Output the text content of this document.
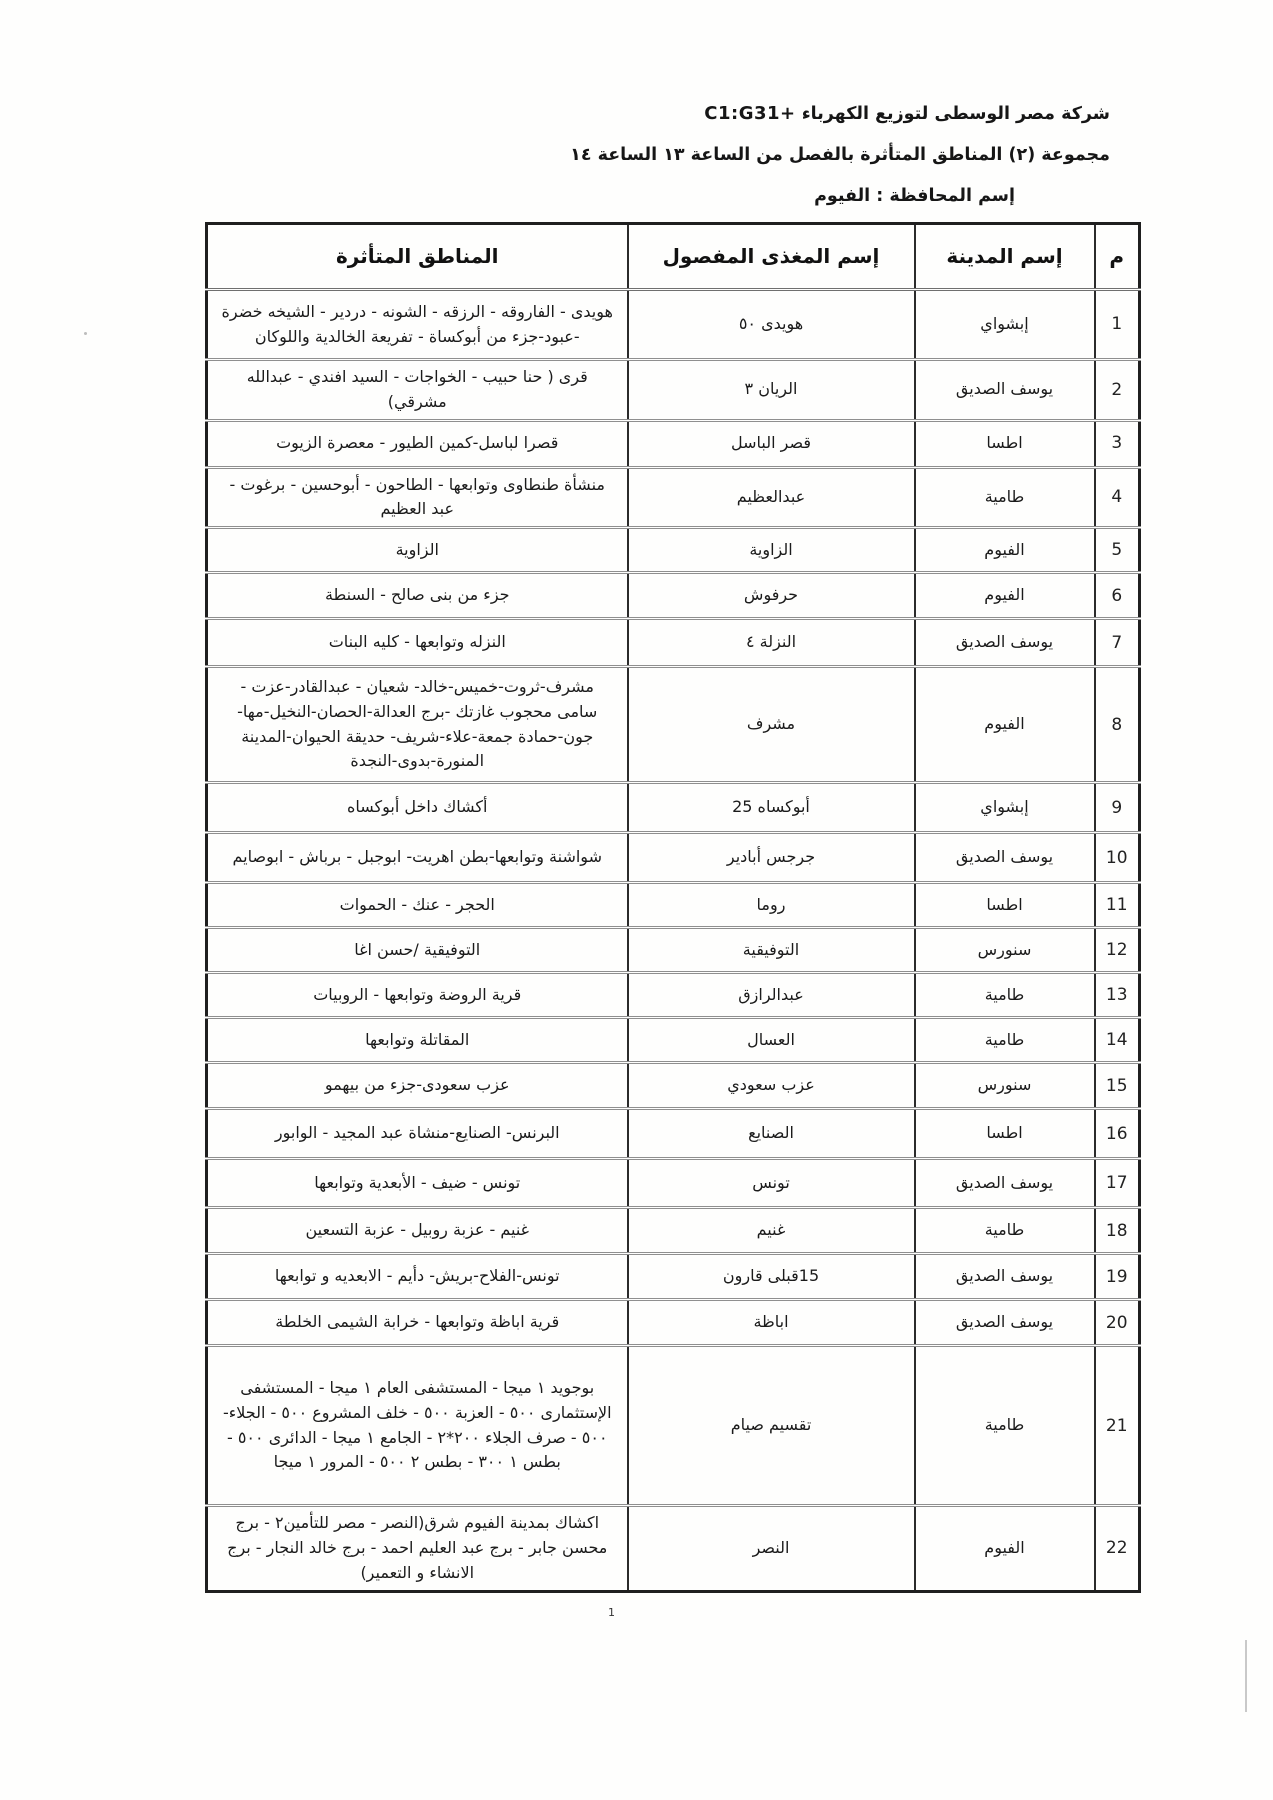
شركة مصر الوسطى لتوزيع الكهرباء C1:G31+
مجموعة (٢) المناطق المتأثرة بالفصل من الساعة ١٣ الساعة ١٤
إسم المحافظة : الفيوم
م	إسم المدينة	إسم المغذى المفصول	المناطق المتأثرة
1	إبشواي	هويدى ٥٠	هويدى - الفاروقه - الرزقه - الشونه - دردير - الشيخه خضرة -عبود-جزء من أبوكساة - تفريعة الخالدية واللوكان
2	يوسف الصديق	الريان ٣	قرى ( حنا حبيب - الخواجات - السيد افندي - عبدالله مشرقي)
3	اطسا	قصر الباسل	قصرا لباسل-كمين الطيور - معصرة الزيوت
4	طامية	عبدالعظيم	منشأة طنطاوى وتوابعها - الطاحون - أبوحسين - برغوت - عبد العظيم
5	الفيوم	الزاوية	الزاوية
6	الفيوم	حرفوش	جزء من بنى صالح - السنطة
7	يوسف الصديق	النزلة ٤	النزله وتوابعها - كليه البنات
8	الفيوم	مشرف	مشرف-ثروت-خميس-خالد- شعيان - عبدالقادر-عزت - سامى محجوب غازتك -برج العدالة-الحصان-النخيل-مها-جون-حمادة جمعة-علاء-شريف- حديقة الحيوان-المدينة المنورة-بدوى-النجدة
9	إبشواي	أبوكساه 25	أكشاك داخل أبوكساه
10	يوسف الصديق	جرجس أبادير	شواشنة وتوابعها-بطن اهريت- ابوجبل - برباش - ابوصايم
11	اطسا	روما	الحجر - عنك - الحموات
12	سنورس	التوفيقية	التوفيقية /حسن اغا
13	طامية	عبدالرازق	قرية الروضة وتوابعها - الروبيات
14	طامية	العسال	المقاتلة وتوابعها
15	سنورس	عزب سعودي	عزب سعودى-جزء من بيهمو
16	اطسا	الصنايع	البرنس- الصنايع-منشاة عبد المجيد - الوابور
17	يوسف الصديق	تونس	تونس - ضيف - الأبعدية وتوابعها
18	طامية	غنيم	غنيم - عزبة روبيل - عزبة التسعين
19	يوسف الصديق	15قبلى قارون	تونس-الفلاح-بريش- دأيم - الابعديه و توابعها
20	يوسف الصديق	اباظة	قرية اباظة وتوابعها - خرابة الشيمى الخلطة
21	طامية	تقسيم صيام	بوجويد ١ ميجا - المستشفى العام ١ ميجا - المستشفى الإستثمارى ٥٠٠ - العزبة ٥٠٠ - خلف المشروع ٥٠٠ - الجلاء- ٥٠٠ - صرف الجلاء ٢٠٠*٢ - الجامع ١ ميجا - الدائرى ٥٠٠ - بطس ١ ٣٠٠ - بطس ٢ ٥٠٠ - المرور ١ ميجا
22	الفيوم	النصر	اكشاك بمدينة الفيوم شرق(النصر - مصر للتأمين٢ - برج محسن جابر - برج عبد العليم احمد - برج خالد النجار - برج الانشاء و التعمير)
1
